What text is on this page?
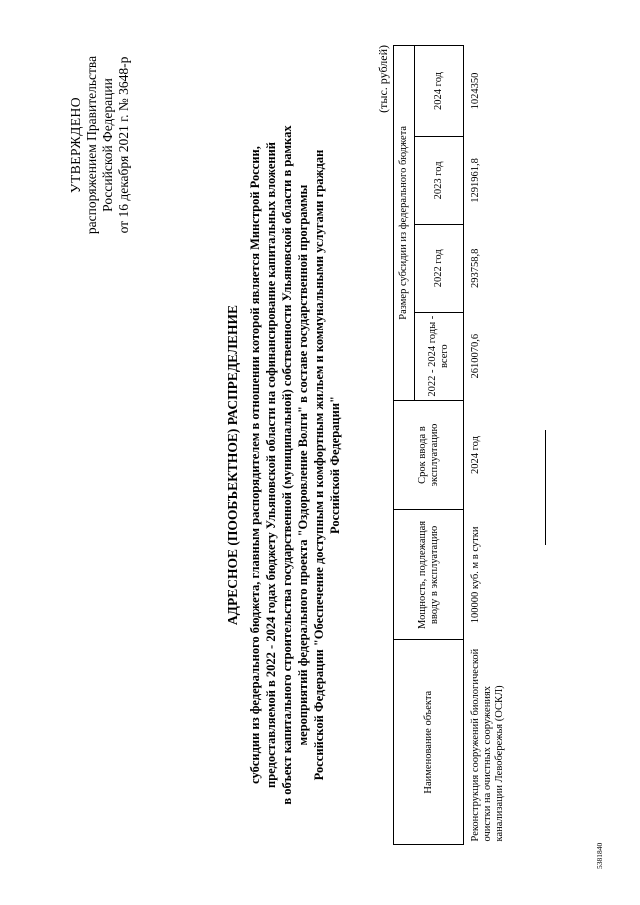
УТВЕРЖДЕНО распоряжением Правительства Российской Федерации от 16 декабря 2021 г. № 3648-р
АДРЕСНОЕ (ПООБЪЕКТНОЕ) РАСПРЕДЕЛЕНИЕ субсидии из федерального бюджета, главным распорядителем в отношении которой является Минстрой России, предоставляемой в 2022 - 2024 годах бюджету Ульяновской области на софинансирование капитальных вложений в объект капитального строительства государственной (муниципальной) собственности Ульяновской области в рамках мероприятий федерального проекта "Оздоровление Волги" в составе государственной программы Российской Федерации "Обеспечение доступным и комфортным жильем и коммунальными услугами граждан Российской Федерации"
(тыс. рублей)
Наименование объекта	Мощность, подлежащая вводу в эксплуатацию	Срок ввода в эксплуатацию	Размер субсидии из федерального бюджета			
			2022 - 2024 годы - всего	2022 год	2023 год	2024 год
Реконструкция сооружений биологической очистки на очистных сооружениях канализации Левобережья (ОСКЛ)	100000 куб. м в сутки	2024 год	2610070,6	293758,8	1291961,8	1024350
5381840
